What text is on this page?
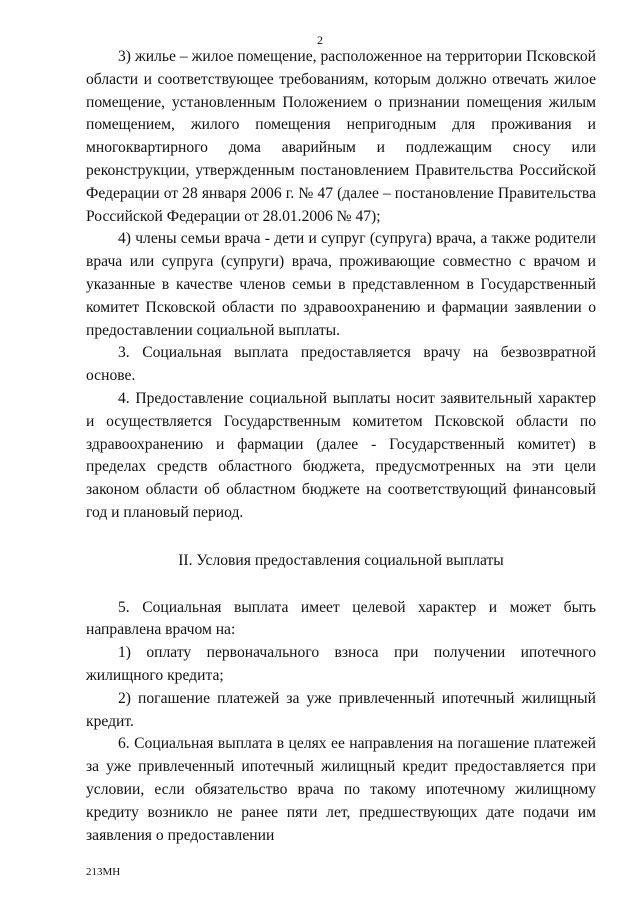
2

3) жилье – жилое помещение, расположенное на территории Псковской области и соответствующее требованиям, которым должно отвечать жилое помещение, установленным Положением о признании помещения жилым помещением, жилого помещения непригодным для проживания и многоквартирного дома аварийным и подлежащим сносу или реконструкции, утвержденным постановлением Правительства Российской Федерации от 28 января 2006 г. № 47 (далее – постановление Правительства Российской Федерации от 28.01.2006 № 47);

4) члены семьи врача - дети и супруг (супруга) врача, а также родители врача или супруга (супруги) врача, проживающие совместно с врачом и указанные в качестве членов семьи в представленном в Государственный комитет Псковской области по здравоохранению и фармации заявлении о предоставлении социальной выплаты.

3. Социальная выплата предоставляется врачу на безвозвратной основе.

4. Предоставление социальной выплаты носит заявительный характер и осуществляется Государственным комитетом Псковской области по здравоохранению и фармации (далее - Государственный комитет) в пределах средств областного бюджета, предусмотренных на эти цели законом области об областном бюджете на соответствующий финансовый год и плановый период.

II. Условия предоставления социальной выплаты

5. Социальная выплата имеет целевой характер и может быть направлена врачом на:

1) оплату первоначального взноса при получении ипотечного жилищного кредита;

2) погашение платежей за уже привлеченный ипотечный жилищный кредит.

6. Социальная выплата в целях ее направления на погашение платежей за уже привлеченный ипотечный жилищный кредит предоставляется при условии, если обязательство врача по такому ипотечному жилищному кредиту возникло не ранее пяти лет, предшествующих дате подачи им заявления о предоставлении

213МН
